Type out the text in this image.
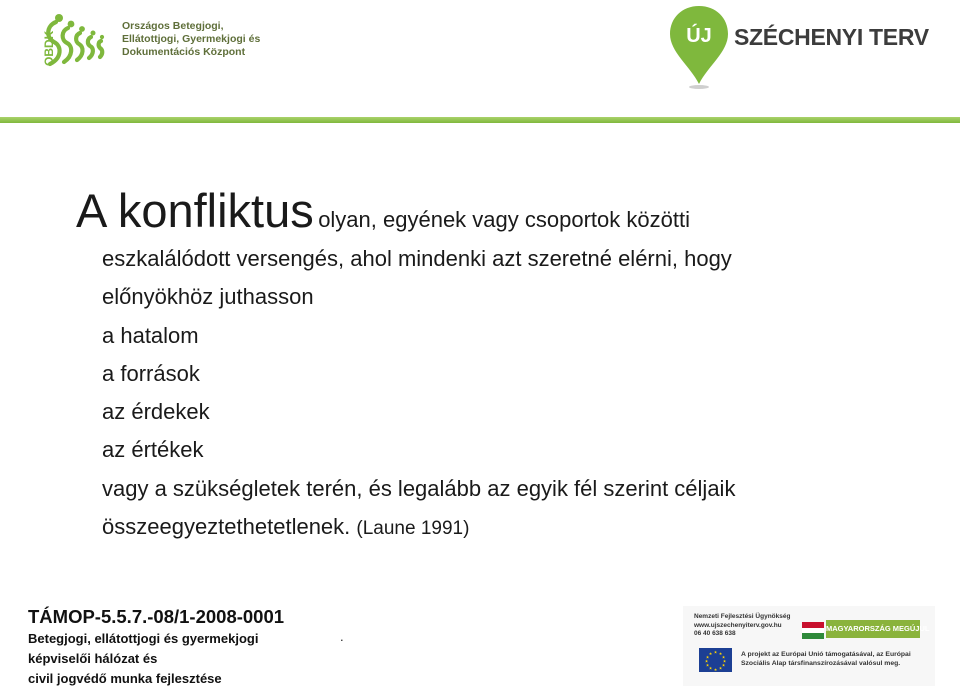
OBDK
Országos Betegjogi,
Ellátottjogi, Gyermekjogi és
Dokumentációs Központ
ÚJ SZÉCHENYI TERV
A konfliktus olyan, egyének vagy csoportok közötti
eszkalálódott versengés, ahol mindenki azt szeretné elérni, hogy
előnyökhöz juthasson
a hatalom
a források
az érdekek
az értékek
vagy a szükségletek terén, és legalább az egyik fél szerint céljaik
összeegyeztethetetlenek. (Laune 1991)
TÁMOP-5.5.7.-08/1-2008-0001
Betegjogi, ellátottjogi és gyermekjogi
képviselői hálózat és
civil jogvédő munka fejlesztése
.
Nemzeti Fejlesztési Ügynökség
www.ujszechenyiterv.gov.hu
06 40 638 638
MAGYARORSZÁG MEGÚJUL
★ ★
★
★
★
★
★
★
★
★
★
★	A projekt az Európai Unió támogatásával, az Európai
Szociális Alap társfinanszírozásával valósul meg.
